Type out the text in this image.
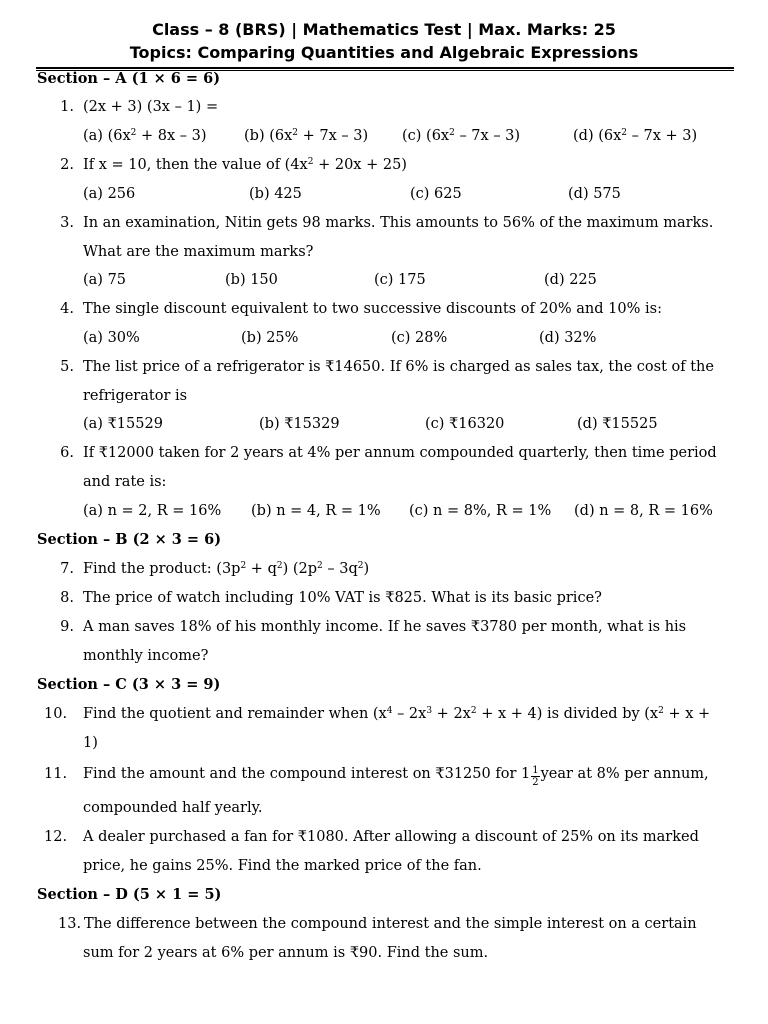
Class – 8 (BRS) | Mathematics Test | Max. Marks: 25
Topics: Comparing Quantities and Algebraic Expressions
Section – A (1 × 6 = 6)
1. (2x + 3) (3x – 1) =
(a) $(6x^2 + 8x - 3)$	(b) $(6x^2 + 7x - 3)$ (c) $(6x^2 - 7x - 3)$	(d) $(6x^2 - 7x + 3)$
2. If x = 10, then the value of $(4x^2 + 20x + 25)$
(a) 256	(b) 425	(c) 625	(d) 575
3. In an examination, Nitin gets 98 marks. This amounts to 56% of the maximum marks.
What are the maximum marks?
(a) 75	(b) 150	(c) 175	(d) 225
4. The single discount equivalent to two successive discounts of 20% and 10% is:
(a) 30%	(b) 25%	(c) 28%	(d) 32%
5. The list price of a refrigerator is ₹14650. If 6% is charged as sales tax, the cost of the
refrigerator is
(a) ₹15529	(b) ₹15329	(c) ₹16320	(d) ₹15525
6. If ₹12000 taken for 2 years at 4% per annum compounded quarterly, then time period
and rate is:
(a) n = 2, R = 16% (b) n = 4, R = 1% (c) n = 8%, R = 1% (d) n = 8, R = 16%
Section – B (2 × 3 = 6)
7. Find the product: $(3p^2 + q^2)$ $(2p^2 - 3q^2)$
8. The price of watch including 10% VAT is ₹825. What is its basic price?
9. A man saves 18% of his monthly income. If he saves ₹3780 per month, what is his
monthly income?
Section – C (3 × 3 = 9)
10.	Find the quotient and remainder when $(x^4 - 2x^3 + 2x^2 + x + 4)$ is divided by ($x^2 + x$ +
1)
11.	Find the amount and the compound interest on ₹31250 for $1 \frac{1}{2}$ year at 8% per annum,
compounded half yearly.
12.	A dealer purchased a fan for ₹1080. After allowing a discount of 25% on its marked
price, he gains 25%. Find the marked price of the fan.
Section – D (5 × 1 = 5)
13. The difference between the compound interest and the simple interest on a certain
sum for 2 years at 6% per annum is ₹90. Find the sum.
